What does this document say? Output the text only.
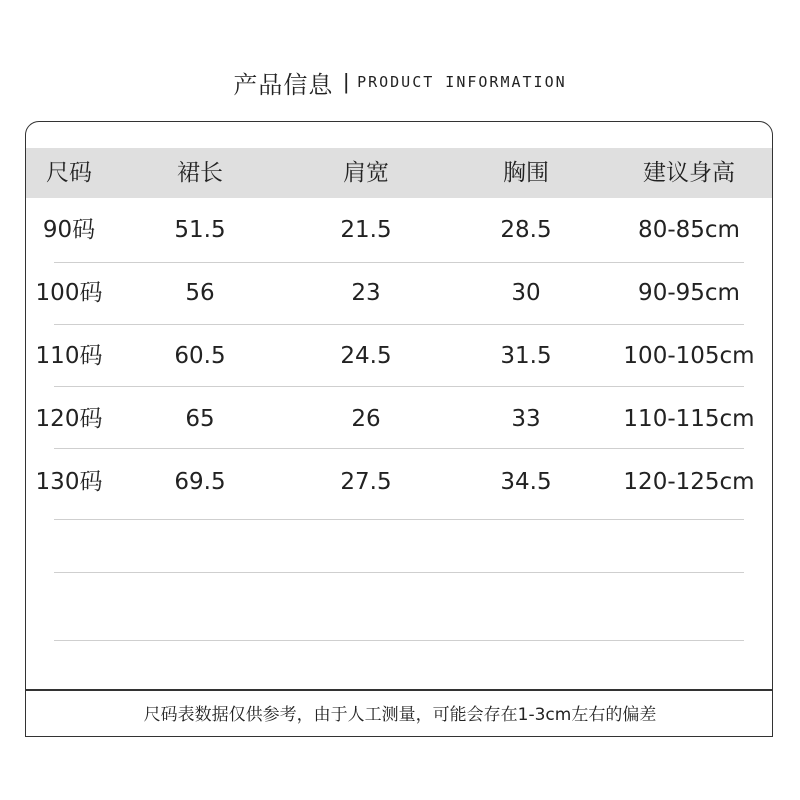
产品信息 | PRODUCT INFORMATION
尺码	裙长	肩宽	胸围	建议身高
90码	51.5	21.5	28.5	80-85cm
100码	56	23	30	90-95cm
110码	60.5	24.5	31.5	100-105cm
120码	65	26	33	110-115cm
130码	69.5	27.5	34.5	120-125cm
尺码表数据仅供参考，由于人工测量，可能会存在1-3cm左右的偏差
